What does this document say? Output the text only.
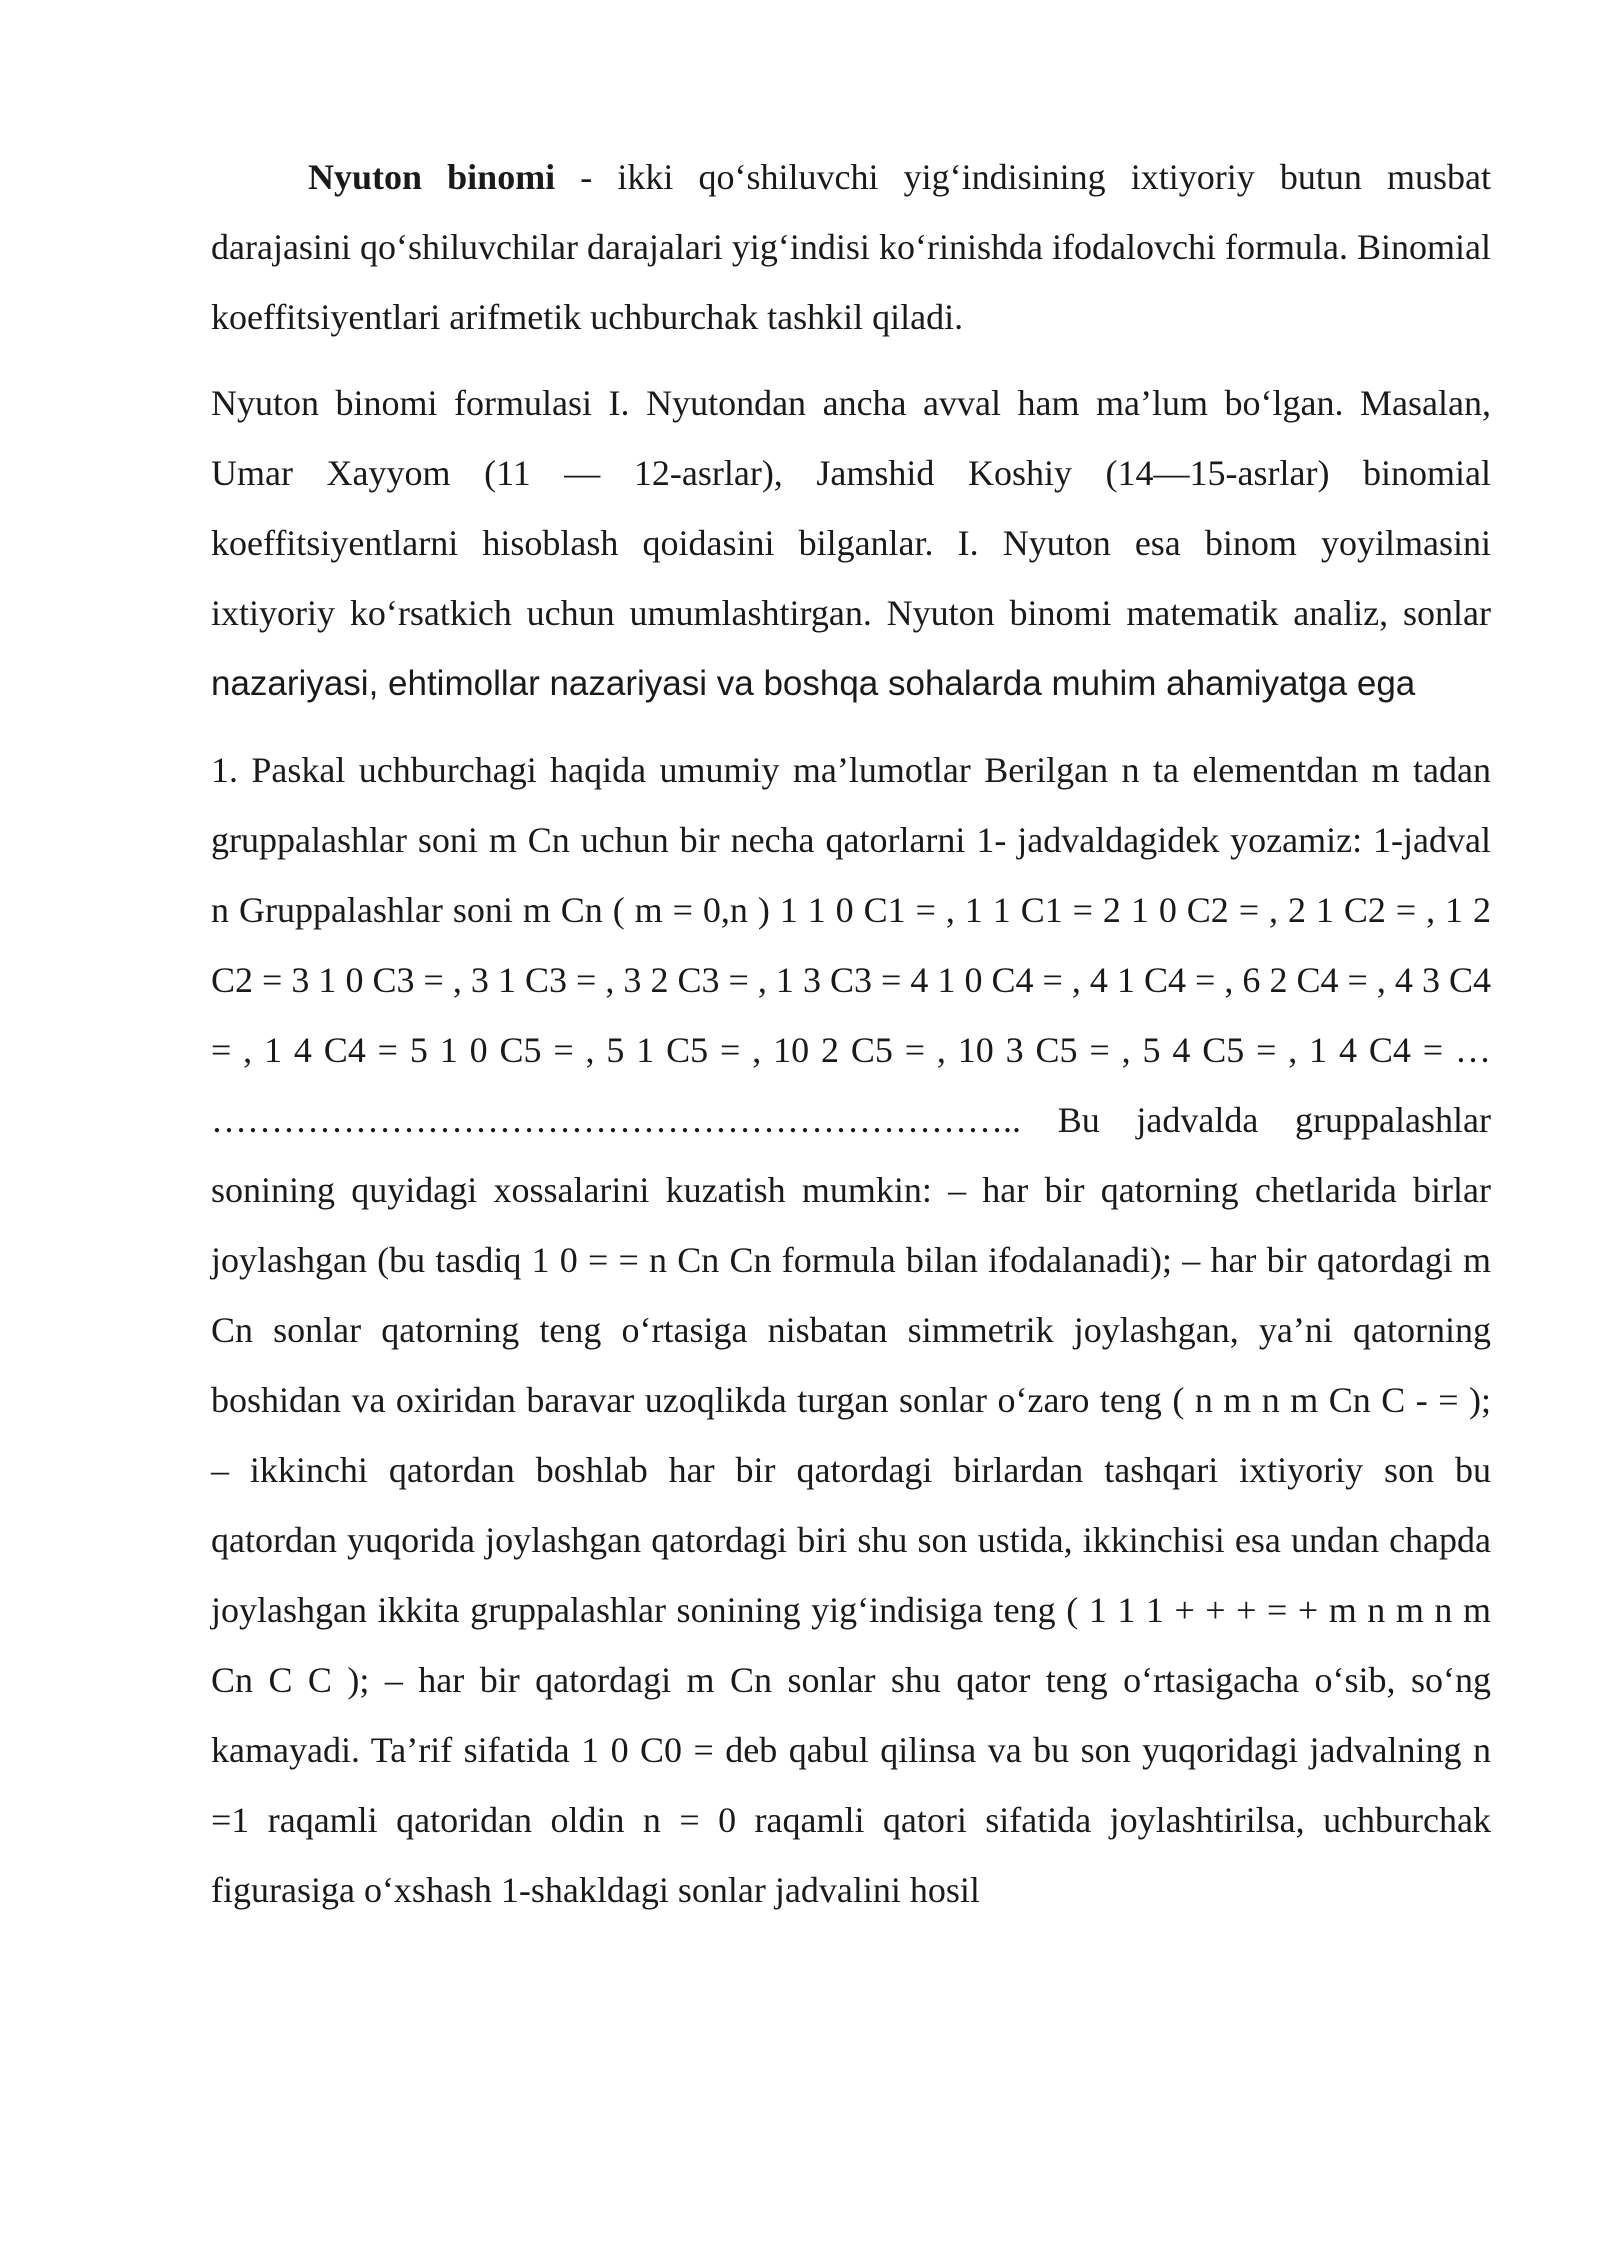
Nyuton binomi - ikki qo‘shiluvchi yig‘indisining ixtiyoriy butun musbat darajasini qo‘shiluvchilar darajalari yig‘indisi ko‘rinishda ifodalovchi formula. Binomial koeffitsiyentlari arifmetik uchburchak tashkil qiladi.

Nyuton binomi formulasi I. Nyutondan ancha avval ham ma’lum bo‘lgan. Masalan, Umar Xayyom (11 — 12-asrlar), Jamshid Koshiy (14—15-asrlar) binomial koeffitsiyentlarni hisoblash qoidasini bilganlar. I. Nyuton esa binom yoyilmasini ixtiyoriy ko‘rsatkich uchun umumlashtirgan. Nyuton binomi matematik analiz, sonlar nazariyasi, ehtimollar nazariyasi va boshqa sohalarda muhim ahamiyatga ega

1. Paskal uchburchagi haqida umumiy ma’lumotlar Berilgan n ta elementdan m tadan gruppalashlar soni m Cn uchun bir necha qatorlarni 1- jadvaldagidek yozamiz: 1-jadval n Gruppalashlar soni m Cn ( m = 0,n ) 1 1 0 C1 = , 1 1 C1 = 2 1 0 C2 = , 2 1 C2 = , 1 2 C2 = 3 1 0 C3 = , 3 1 C3 = , 3 2 C3 = , 1 3 C3 = 4 1 0 C4 = , 4 1 C4 = , 6 2 C4 = , 4 3 C4 = , 1 4 C4 = 5 1 0 C5 = , 5 1 C5 = , 10 2 C5 = , 10 3 C5 = , 5 4 C5 = , 1 4 C4 = … ………………………………………………………….. Bu jadvalda gruppalashlar sonining quyidagi xossalarini kuzatish mumkin: – har bir qatorning chetlarida birlar joylashgan (bu tasdiq 1 0 = = n Cn Cn formula bilan ifodalanadi); – har bir qatordagi m Cn sonlar qatorning teng o‘rtasiga nisbatan simmetrik joylashgan, ya’ni qatorning boshidan va oxiridan baravar uzoqlikda turgan sonlar o‘zaro teng ( n m n m Cn C - = ); – ikkinchi qatordan boshlab har bir qatordagi birlardan tashqari ixtiyoriy son bu qatordan yuqorida joylashgan qatordagi biri shu son ustida, ikkinchisi esa undan chapda joylashgan ikkita gruppalashlar sonining yig‘indisiga teng ( 1 1 1 + + + = + m n m n m Cn C C ); – har bir qatordagi m Cn sonlar shu qator teng o‘rtasigacha o‘sib, so‘ng kamayadi. Ta’rif sifatida 1 0 C0 = deb qabul qilinsa va bu son yuqoridagi jadvalning n =1 raqamli qatoridan oldin n = 0 raqamli qatori sifatida joylashtirilsa, uchburchak figurasiga o‘xshash 1-shakldagi sonlar jadvalini hosil
